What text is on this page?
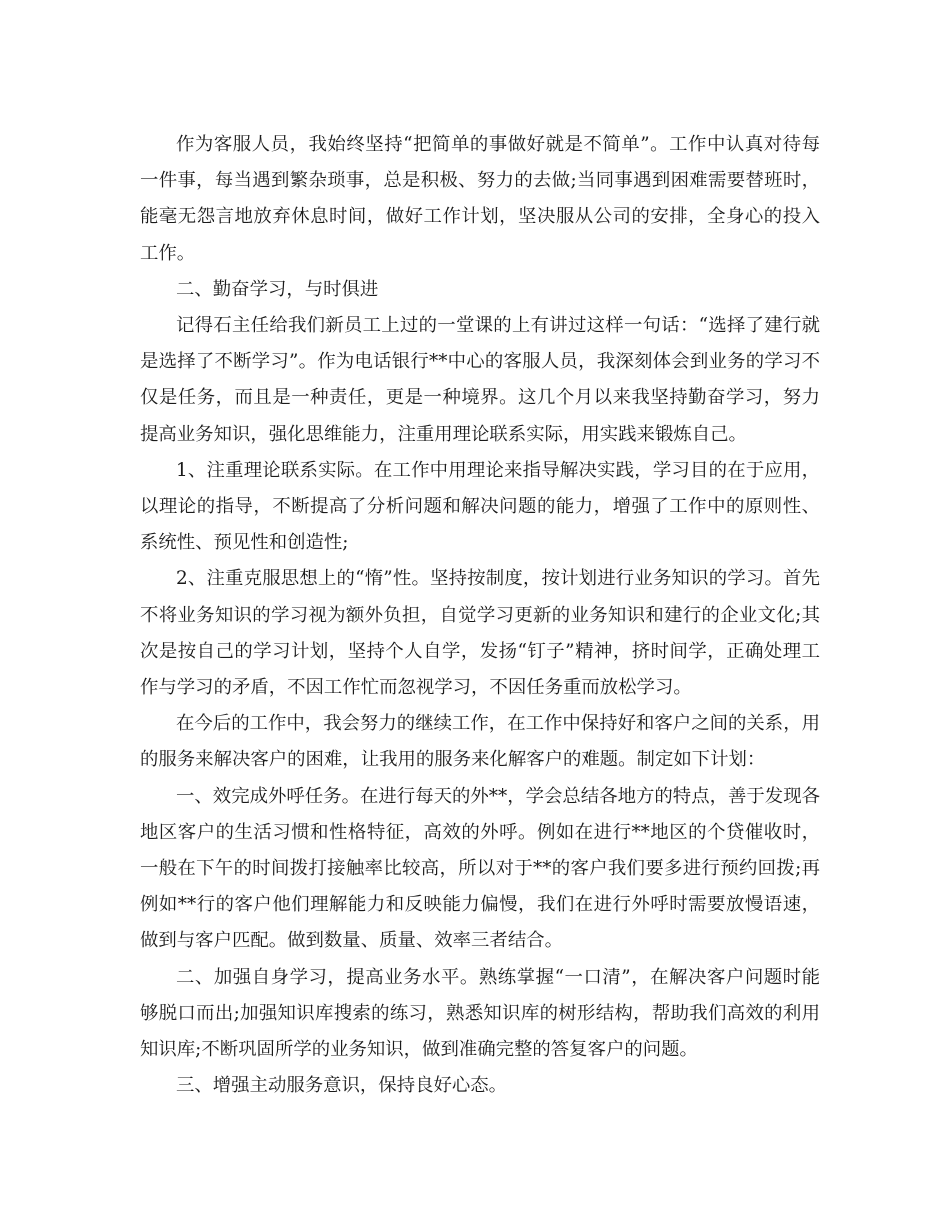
作为客服人员，我始终坚持“把简单的事做好就是不简单”。工作中认真对待每一件事，每当遇到繁杂琐事，总是积极、努力的去做;当同事遇到困难需要替班时，能毫无怨言地放弃休息时间，做好工作计划，坚决服从公司的安排，全身心的投入工作。

二、勤奋学习，与时俱进

记得石主任给我们新员工上过的一堂课的上有讲过这样一句话：“选择了建行就是选择了不断学习”。作为电话银行**中心的客服人员，我深刻体会到业务的学习不仅是任务，而且是一种责任，更是一种境界。这几个月以来我坚持勤奋学习，努力提高业务知识，强化思维能力，注重用理论联系实际，用实践来锻炼自己。

1、注重理论联系实际。在工作中用理论来指导解决实践，学习目的在于应用，以理论的指导，不断提高了分析问题和解决问题的能力，增强了工作中的原则性、系统性、预见性和创造性;

2、注重克服思想上的“惰”性。坚持按制度，按计划进行业务知识的学习。首先不将业务知识的学习视为额外负担，自觉学习更新的业务知识和建行的企业文化;其次是按自己的学习计划，坚持个人自学，发扬“钉子”精神，挤时间学，正确处理工作与学习的矛盾，不因工作忙而忽视学习，不因任务重而放松学习。

在今后的工作中，我会努力的继续工作，在工作中保持好和客户之间的关系，用的服务来解决客户的困难，让我用的服务来化解客户的难题。制定如下计划：

一、效完成外呼任务。在进行每天的外**，学会总结各地方的特点，善于发现各地区客户的生活习惯和性格特征，高效的外呼。例如在进行**地区的个贷催收时，一般在下午的时间拨打接触率比较高，所以对于**的客户我们要多进行预约回拨;再例如**行的客户他们理解能力和反映能力偏慢，我们在进行外呼时需要放慢语速，做到与客户匹配。做到数量、质量、效率三者结合。

二、加强自身学习，提高业务水平。熟练掌握“一口清”，在解决客户问题时能够脱口而出;加强知识库搜索的练习，熟悉知识库的树形结构，帮助我们高效的利用知识库;不断巩固所学的业务知识，做到准确完整的答复客户的问题。

三、增强主动服务意识，保持良好心态。
